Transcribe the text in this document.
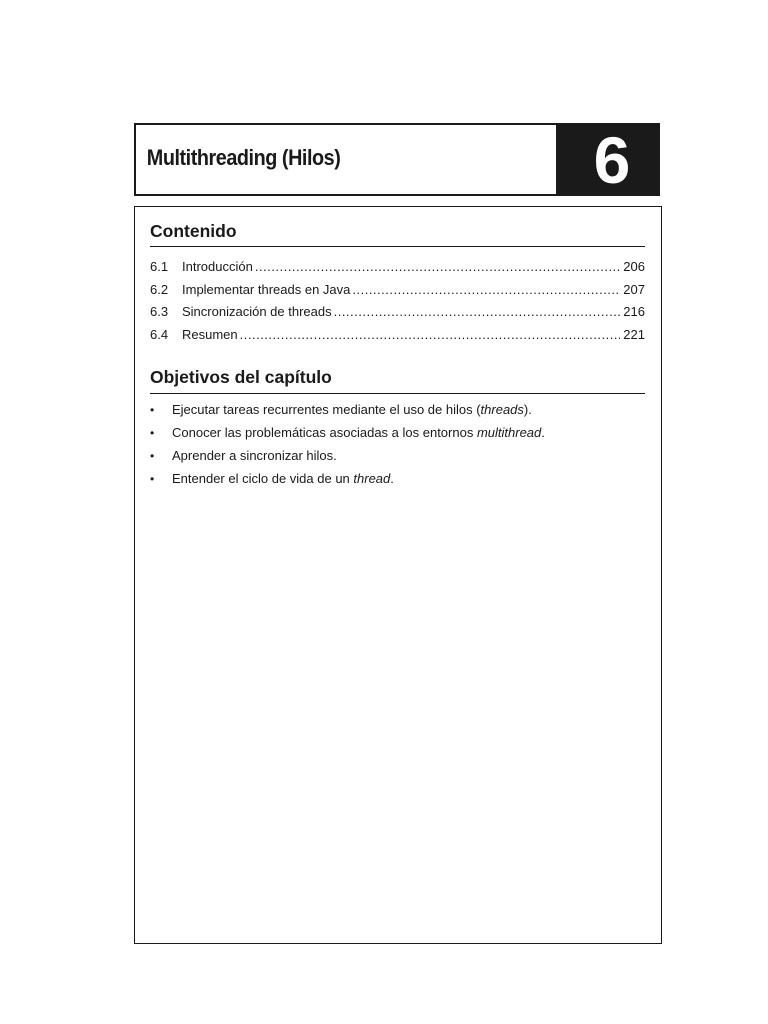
Multithreading (Hilos)	6
Contenido
6.1	Introducción .....	206
6.2	Implementar threads en Java .....	207
6.3	Sincronización de threads .....	216
6.4	Resumen .....	221
Objetivos del capítulo
•	Ejecutar tareas recurrentes mediante el uso de hilos (threads).
•	Conocer las problemáticas asociadas a los entornos multithread.
•	Aprender a sincronizar hilos.
•	Entender el ciclo de vida de un thread.
